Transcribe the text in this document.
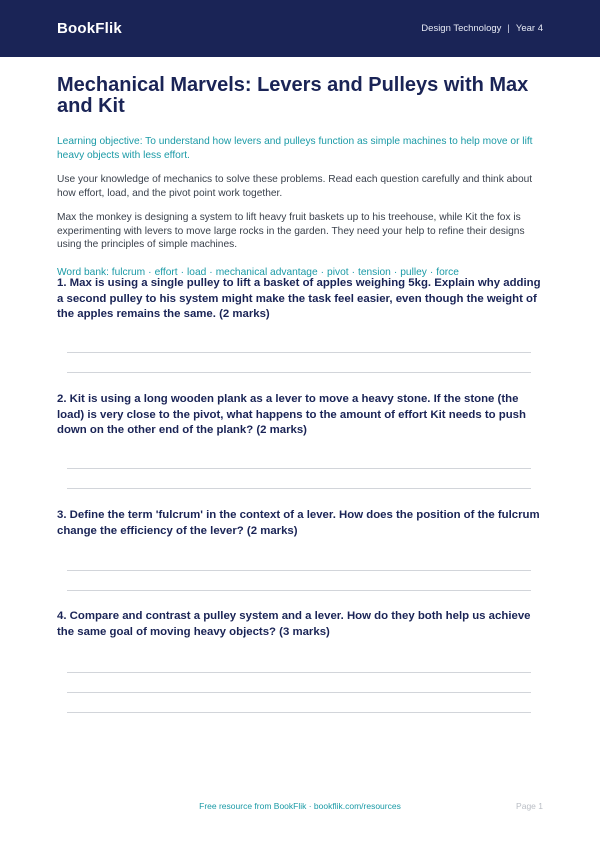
BookFlik	Design Technology | Year 4
Mechanical Marvels: Levers and Pulleys with Max and Kit
Learning objective: To understand how levers and pulleys function as simple machines to help move or lift heavy objects with less effort.
Use your knowledge of mechanics to solve these problems. Read each question carefully and think about how effort, load, and the pivot point work together.
Max the monkey is designing a system to lift heavy fruit baskets up to his treehouse, while Kit the fox is experimenting with levers to move large rocks in the garden. They need your help to refine their designs using the principles of simple machines.
Word bank: fulcrum · effort · load · mechanical advantage · pivot · tension · pulley · force
1. Max is using a single pulley to lift a basket of apples weighing 5kg. Explain why adding a second pulley to his system might make the task feel easier, even though the weight of the apples remains the same. (2 marks)
2. Kit is using a long wooden plank as a lever to move a heavy stone. If the stone (the load) is very close to the pivot, what happens to the amount of effort Kit needs to push down on the other end of the plank? (2 marks)
3. Define the term 'fulcrum' in the context of a lever. How does the position of the fulcrum change the efficiency of the lever? (2 marks)
4. Compare and contrast a pulley system and a lever. How do they both help us achieve the same goal of moving heavy objects? (3 marks)
Free resource from BookFlik · bookflik.com/resources	Page 1
